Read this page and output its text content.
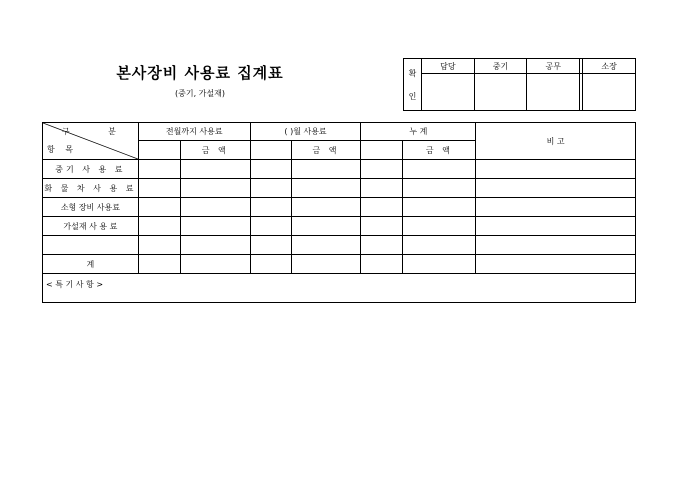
본사장비 사용료 집계표
(중기, 가설재)
확
인	담당	중기	공무		소장

구 분
항 목	전월까지 사용료		( )월 사용료		누 계		비 고
		금 액		금 액		금 액	
중기 사 용 료							
화 물 차 사 용 료							
소형 장비 사용료							
가설재 사 용 료							

계							
< 특 기 사 항 >							
